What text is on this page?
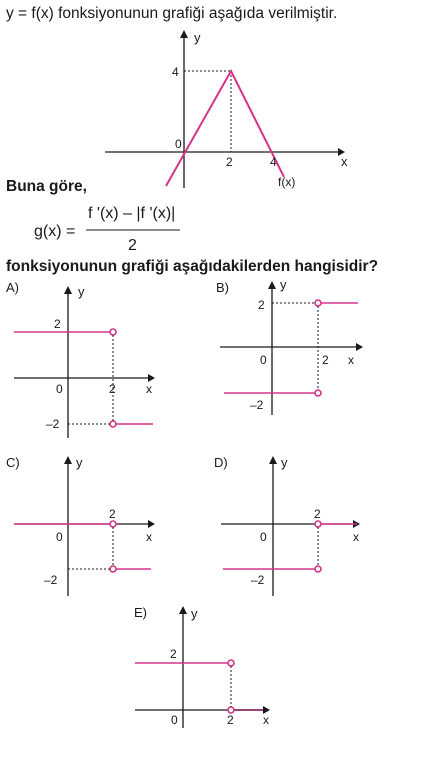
y = f(x) fonksiyonunun grafiği aşağıda verilmiştir.
y
4
0
2	4	x
f(x)
Buna göre,
g(x) =
f '(x) – |f '(x)|
2
fonksiyonunun grafiği aşağıdakilerden hangisidir?
A)	y
2
0	2	x
–2
B)	y
2
0	2 x
–2
C)	y
2
0	x
–2
D)	y
2
0	x
–2
E)	y
2
0	2 x
